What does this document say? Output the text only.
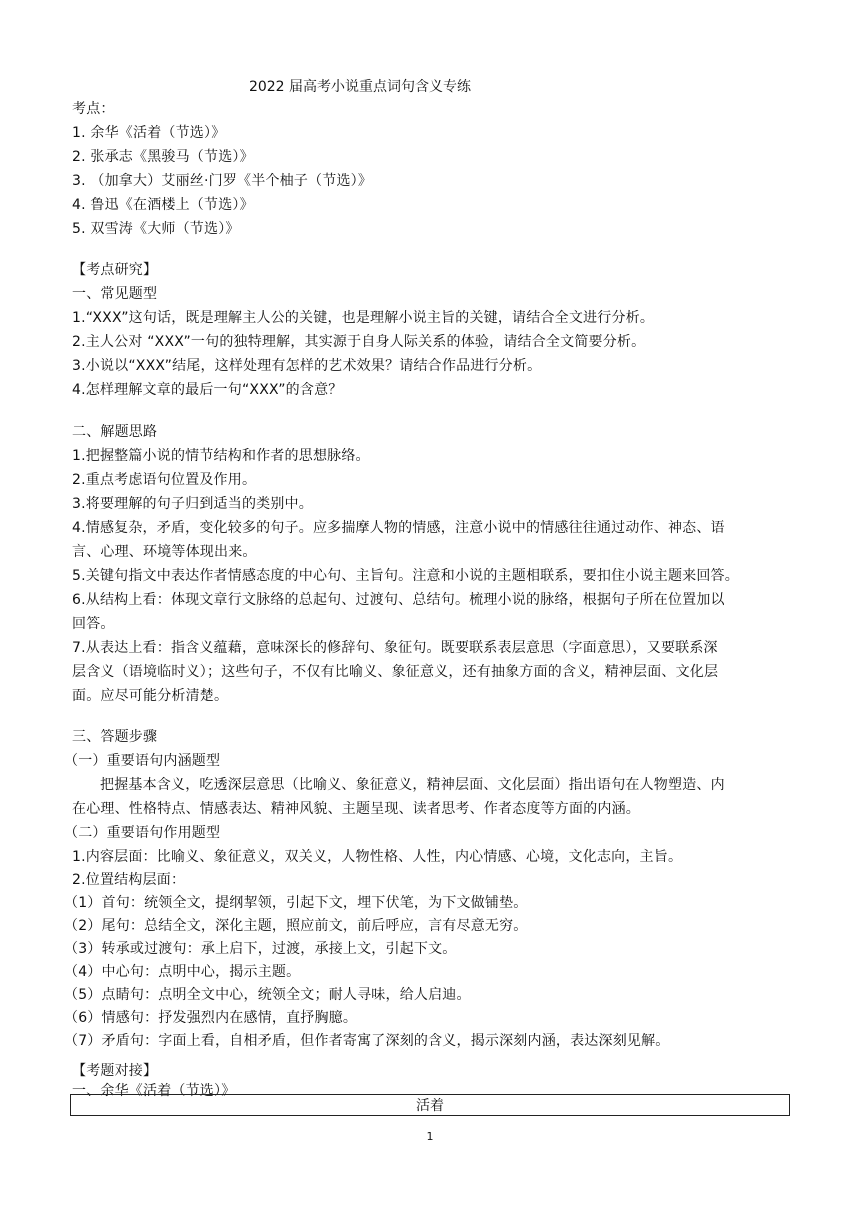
2022 届高考小说重点词句含义专练
考点：
1. 余华《活着（节选）》
2. 张承志《黑骏马（节选）》
3. （加拿大）艾丽丝·门罗《半个柚子（节选）》
4. 鲁迅《在酒楼上（节选）》
5. 双雪涛《大师（节选）》
【考点研究】
一、常见题型
1.“XXX”这句话，既是理解主人公的关键，也是理解小说主旨的关键，请结合全文进行分析。
2.主人公对 “XXX”一句的独特理解，其实源于自身人际关系的体验，请结合全文简要分析。
3.小说以“XXX”结尾，这样处理有怎样的艺术效果？请结合作品进行分析。
4.怎样理解文章的最后一句“XXX”的含意？
二、解题思路
1.把握整篇小说的情节结构和作者的思想脉络。
2.重点考虑语句位置及作用。
3.将要理解的句子归到适当的类别中。
4.情感复杂，矛盾，变化较多的句子。应多揣摩人物的情感，注意小说中的情感往往通过动作、神态、语
言、心理、环境等体现出来。
5.关键句指文中表达作者情感态度的中心句、主旨句。注意和小说的主题相联系，要扣住小说主题来回答。
6.从结构上看：体现文章行文脉络的总起句、过渡句、总结句。梳理小说的脉络，根据句子所在位置加以
回答。
7.从表达上看：指含义蕴藉，意味深长的修辞句、象征句。既要联系表层意思（字面意思），又要联系深
层含义（语境临时义）；这些句子，不仅有比喻义、象征意义，还有抽象方面的含义，精神层面、文化层
面。应尽可能分析清楚。
三、答题步骤
（一）重要语句内涵题型
把握基本含义，吃透深层意思（比喻义、象征意义，精神层面、文化层面）指出语句在人物塑造、内
在心理、性格特点、情感表达、精神风貌、主题呈现、读者思考、作者态度等方面的内涵。
（二）重要语句作用题型
1.内容层面：比喻义、象征意义，双关义，人物性格、人性，内心情感、心境，文化志向，主旨。
2.位置结构层面：
（1）首句：统领全文，提纲挈领，引起下文，埋下伏笔，为下文做铺垫。
（2）尾句：总结全文，深化主题，照应前文，前后呼应，言有尽意无穷。
（3）转承或过渡句：承上启下，过渡，承接上文，引起下文。
（4）中心句：点明中心，揭示主题。
（5）点睛句：点明全文中心，统领全文；耐人寻味，给人启迪。
（6）情感句：抒发强烈内在感情，直抒胸臆。
（7）矛盾句：字面上看，自相矛盾，但作者寄寓了深刻的含义，揭示深刻内涵，表达深刻见解。
【考题对接】
一、余华《活着（节选）》
活着
1
